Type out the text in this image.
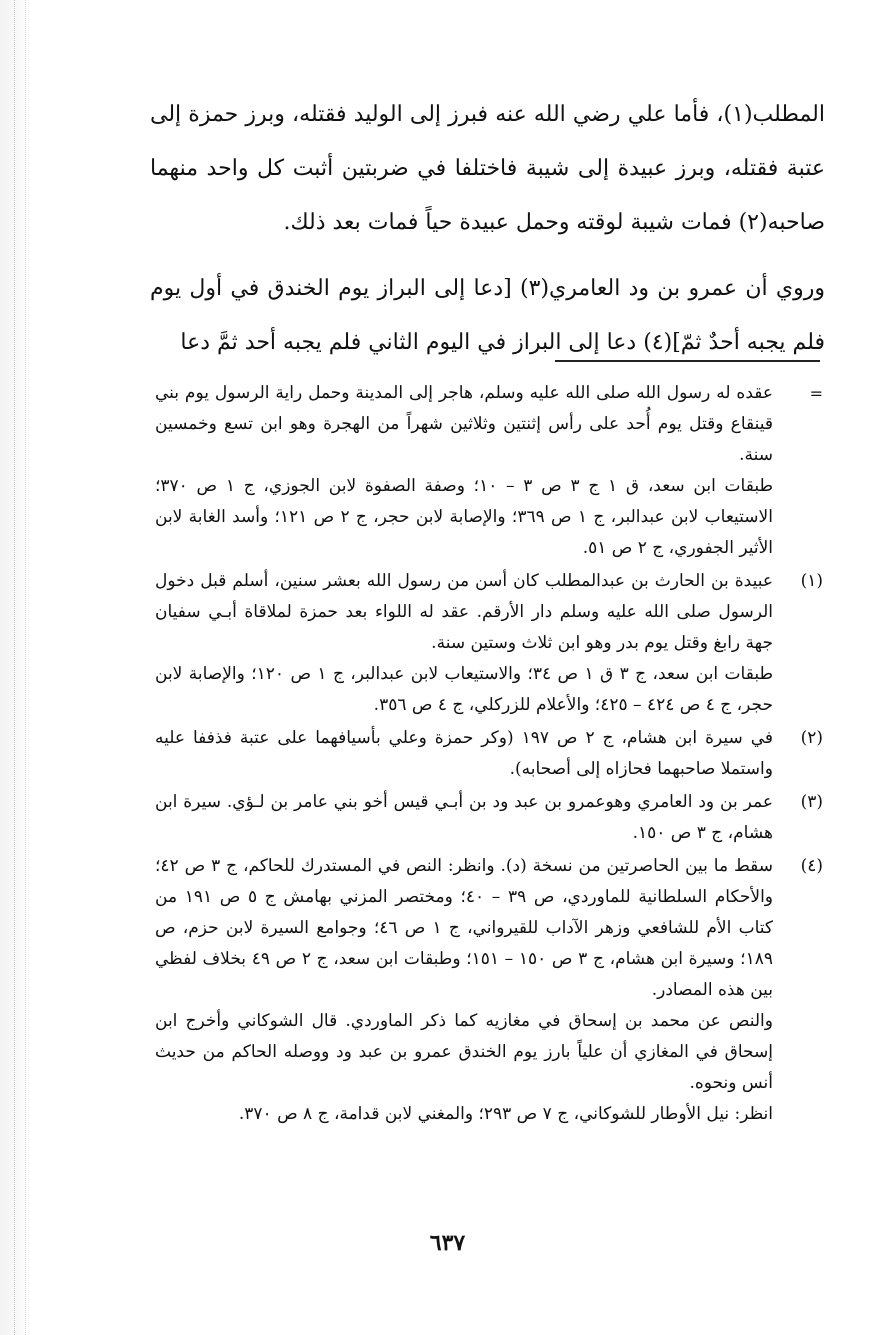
المطلب(١)، فأما علي رضي الله عنه فبرز إلى الوليد فقتله، وبرز حمزة إلى عتبة فقتله، وبرز عبيدة إلى شيبة فاختلفا في ضربتين أثبت كل واحد منهما صاحبه(٢) فمات شيبة لوقته وحمل عبيدة حياً فمات بعد ذلك.

وروي أن عمرو بن ود العامري(٣) [دعا إلى البراز يوم الخندق في أول يوم فلم يجبه أحدٌ ثمّ](٤) دعا إلى البراز في اليوم الثاني فلم يجبه أحد ثمَّ دعا

=

عقده له رسول الله صلى الله عليه وسلم، هاجر إلى المدينة وحمل راية الرسول يوم بني قينقاع وقتل يوم أُحد على رأس إثنتين وثلاثين شهراً من الهجرة وهو ابن تسع وخمسين سنة.

طبقات ابن سعد، ق ١ ج ٣ ص ٣ – ١٠؛ وصفة الصفوة لابن الجوزي، ج ١ ص ٣٧٠؛ الاستيعاب لابن عبدالبر، ج ١ ص ٣٦٩؛ والإصابة لابن حجر، ج ٢ ص ١٢١؛ وأسد الغابة لابن الأثير الجفوري، ج ٢ ص ٥١.

(١)

عبيدة بن الحارث بن عبدالمطلب كان أسن من رسول الله بعشر سنين، أسلم قبل دخول الرسول صلى الله عليه وسلم دار الأرقم. عقد له اللواء بعد حمزة لملاقاة أبـي سفيان جهة رابغ وقتل يوم بدر وهو ابن ثلاث وستين سنة.

طبقات ابن سعد، ج ٣ ق ١ ص ٣٤؛ والاستيعاب لابن عبدالبر، ج ١ ص ١٢٠؛ والإصابة لابن حجر، ج ٤ ص ٤٢٤ – ٤٢٥؛ والأعلام للزركلي، ج ٤ ص ٣٥٦.

(٢)

في سيرة ابن هشام، ج ٢ ص ١٩٧ (وكر حمزة وعلي بأسيافهما على عتبة فذففا عليه واستملا صاحبهما فحازاه إلى أصحابه).

(٣)

عمر بن ود العامري وهوعمرو بن عبد ود بن أبـي قيس أخو بني عامر بن لـؤي. سيرة ابن هشام، ج ٣ ص ١٥٠.

(٤)

سقط ما بين الحاصرتين من نسخة (د). وانظر: النص في المستدرك للحاكم، ج ٣ ص ٤٢؛ والأحكام السلطانية للماوردي، ص ٣٩ – ٤٠؛ ومختصر المزني بهامش ج ٥ ص ١٩١ من كتاب الأم للشافعي وزهر الآداب للقيرواني، ج ١ ص ٤٦؛ وجوامع السيرة لابن حزم، ص ١٨٩؛ وسيرة ابن هشام، ج ٣ ص ١٥٠ – ١٥١؛ وطبقات ابن سعد، ج ٢ ص ٤٩ بخلاف لفظي بين هذه المصادر.

والنص عن محمد بن إسحاق في مغازيه كما ذكر الماوردي. قال الشوكاني وأخرج ابن إسحاق في المغازي أن علياً بارز يوم الخندق عمرو بن عبد ود ووصله الحاكم من حديث أنس ونحوه.

انظر: نيل الأوطار للشوكاني، ج ٧ ص ٢٩٣؛ والمغني لابن قدامة، ج ٨ ص ٣٧٠.

٦٣٧
